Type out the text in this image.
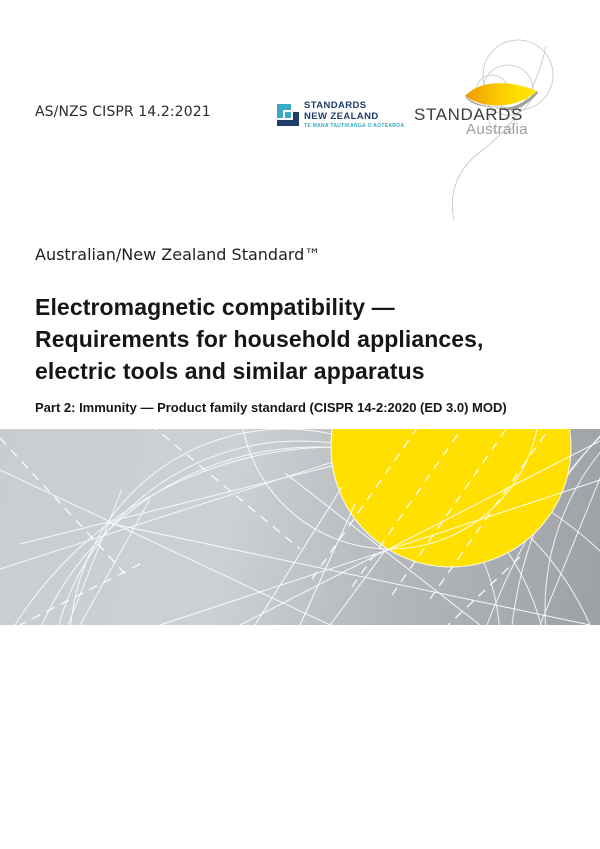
AS/NZS CISPR 14.2:2021	STANDARDS
NEW ZEALAND
TE MANA TAUTIKANGA O AOTEAROA.
STANDARDS
Australia
Australian/New Zealand Standard™
Electromagnetic compatibility —
Requirements for household appliances,
electric tools and similar apparatus
Part 2: Immunity — Product family standard (CISPR 14-2:2020 (ED 3.0) MOD)
